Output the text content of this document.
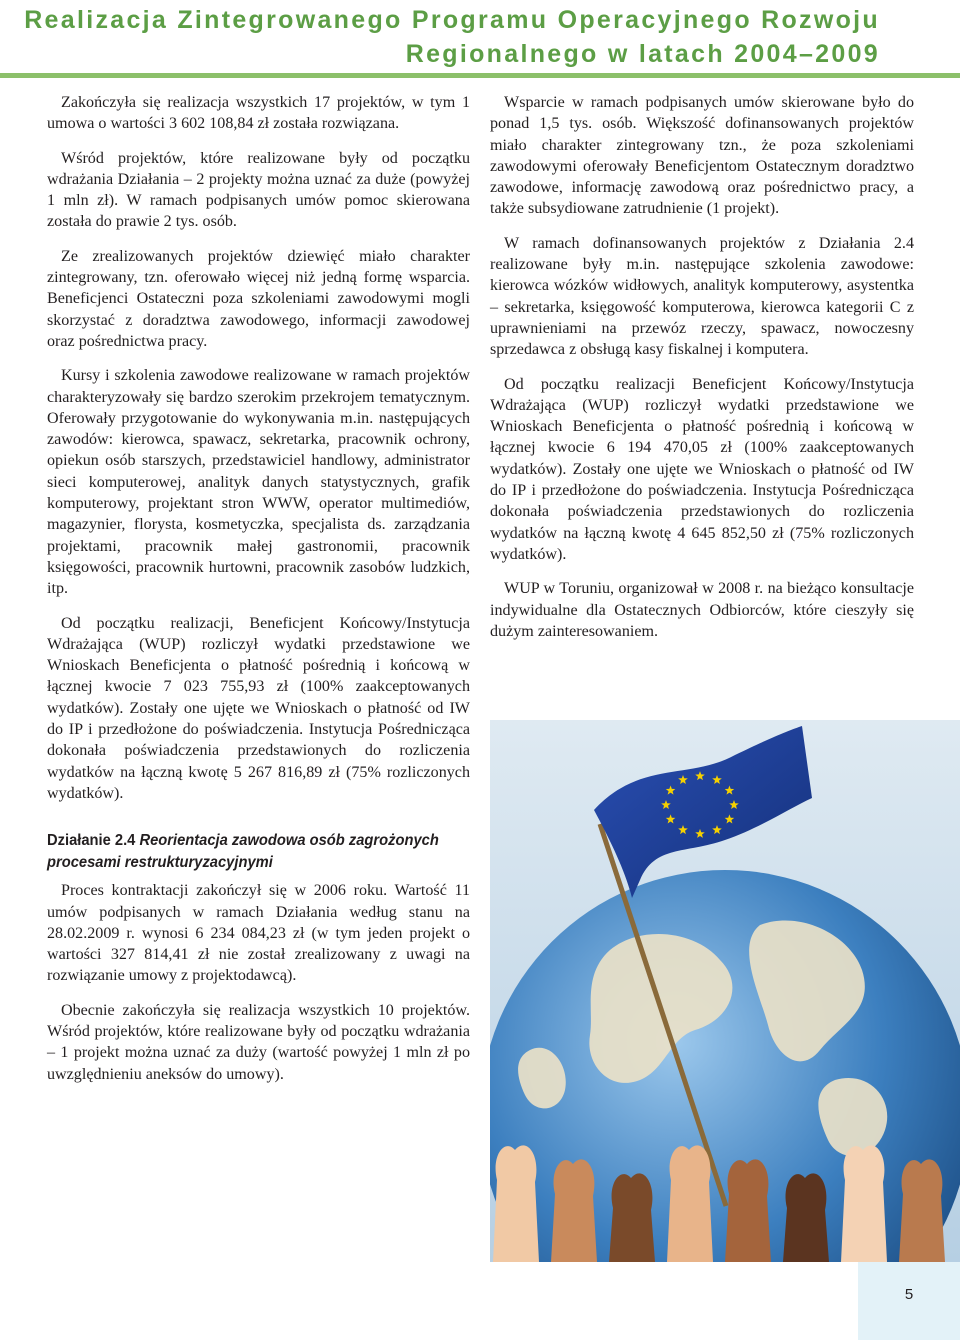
Realizacja Zintegrowanego Programu Operacyjnego Rozwoju
Regionalnego w latach 2004–2009

Zakończyła się realizacja wszystkich 17 projektów, w tym 1 umowa o wartości 3 602 108,84 zł została rozwiązana.

Wśród projektów, które realizowane były od początku wdrażania Działania – 2 projekty można uznać za duże (powyżej 1 mln zł). W ramach podpisanych umów pomoc skierowana została do prawie 2 tys. osób.

Ze zrealizowanych projektów dziewięć miało charakter zintegrowany, tzn. oferowało więcej niż jedną formę wsparcia. Beneficjenci Ostateczni poza szkoleniami zawodowymi mogli skorzystać z doradztwa zawodowego, informacji zawodowej oraz pośrednictwa pracy.

Kursy i szkolenia zawodowe realizowane w ramach projektów charakteryzowały się bardzo szerokim przekrojem tematycznym. Oferowały przygotowanie do wykonywania m.in. następujących zawodów: kierowca, spawacz, sekretarka, pracownik ochrony, opiekun osób starszych, przedstawiciel handlowy, administrator sieci komputerowej, analityk danych statystycznych, grafik komputerowy, projektant stron WWW, operator multimediów, magazynier, florysta, kosmetyczka, specjalista ds. zarządzania projektami, pracownik małej gastronomii, pracownik księgowości, pracownik hurtowni, pracownik zasobów ludzkich, itp.

Od początku realizacji, Beneficjent Końcowy/Instytucja Wdrażająca (WUP) rozliczył wydatki przedstawione we Wnioskach Beneficjenta o płatność pośrednią i końcową w łącznej kwocie 7 023 755,93 zł (100% zaakceptowanych wydatków). Zostały one ujęte we Wnioskach o płatność od IW do IP i przedłożone do poświadczenia. Instytucja Pośrednicząca dokonała poświadczenia przedstawionych do rozliczenia wydatków na łączną kwotę 5 267 816,89 zł (75% rozliczonych wydatków).

Działanie 2.4 Reorientacja zawodowa osób zagrożonych procesami restrukturyzacyjnymi

Proces kontraktacji zakończył się w 2006 roku. Wartość 11 umów podpisanych w ramach Działania według stanu na 28.02.2009 r. wynosi 6 234 084,23 zł (w tym jeden projekt o wartości 327 814,41 zł nie został zrealizowany z uwagi na rozwiązanie umowy z projektodawcą).

Obecnie zakończyła się realizacja wszystkich 10 projektów. Wśród projektów, które realizowane były od początku wdrażania – 1 projekt można uznać za duży (wartość powyżej 1 mln zł po uwzględnieniu aneksów do umowy).

Wsparcie w ramach podpisanych umów skierowane było do ponad 1,5 tys. osób. Większość dofinansowanych projektów miało charakter zintegrowany tzn., że poza szkoleniami zawodowymi oferowały Beneficjentom Ostatecznym doradztwo zawodowe, informację zawodową oraz pośrednictwo pracy, a także subsydiowane zatrudnienie (1 projekt).

W ramach dofinansowanych projektów z Działania 2.4 realizowane były m.in. następujące szkolenia zawodowe: kierowca wózków widłowych, analityk komputerowy, asystentka – sekretarka, księgowość komputerowa, kierowca kategorii C z uprawnieniami na przewóz rzeczy, spawacz, nowoczesny sprzedawca z obsługą kasy fiskalnej i komputera.

Od początku realizacji Beneficjent Końcowy/Instytucja Wdrażająca (WUP) rozliczył wydatki przedstawione we Wnioskach Beneficjenta o płatność pośrednią i końcową w łącznej kwocie 6 194 470,05 zł (100% zaakceptowanych wydatków). Zostały one ujęte we Wnioskach o płatność od IW do IP i przedłożone do poświadczenia. Instytucja Pośrednicząca dokonała poświadczenia przedstawionych do rozliczenia wydatków na łączną kwotę 4 645 852,50 zł (75% rozliczonych wydatków).

WUP w Toruniu, organizował w 2008 r. na bieżąco konsultacje indywidualne dla Ostatecznych Odbiorców, które cieszyły się dużym zainteresowaniem.

5
